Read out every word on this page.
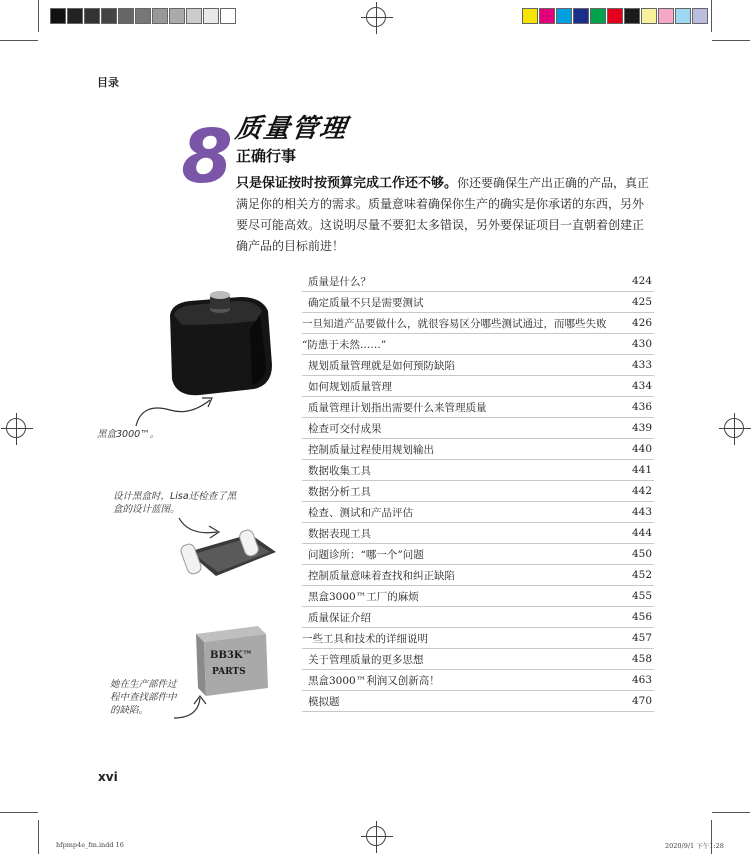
目录
8 质量管理
正确行事
只是保证按时按预算完成工作还不够。你还要确保生产出正确的产品，真正满足你的相关方的需求。质量意味着确保你生产的确实是你承诺的东西，另外要尽可能高效。这说明尽量不要犯太多错误，另外要保证项目一直朝着创建正确产品的目标前进！
黑盒3000™。
设计黑盒时，Lisa还检查了黑盒的设计蓝图。
BB3K™
PARTS
她在生产部件过程中查找部件中的缺陷。
质量是什么？	424
确定质量不只是需要测试	425
一旦知道产品要做什么，就很容易区分哪些测试通过，而哪些失败 426
“防患于未然……”	430
规划质量管理就是如何预防缺陷	433
如何规划质量管理	434
质量管理计划指出需要什么来管理质量	436
检查可交付成果	439
控制质量过程使用规划输出	440
数据收集工具	441
数据分析工具	442
检查、测试和产品评估	443
数据表现工具	444
问题诊所：“哪一个”问题	450
控制质量意味着查找和纠正缺陷	452
黑盒3000™工厂的麻烦	455
质量保证介绍	456
一些工具和技术的详细说明	457
关于管理质量的更多思想	458
黑盒3000™利润又创新高！	463
模拟题	470
xvi
hfpmp4e_fm.indd 16	2020/9/1 下午1:28
